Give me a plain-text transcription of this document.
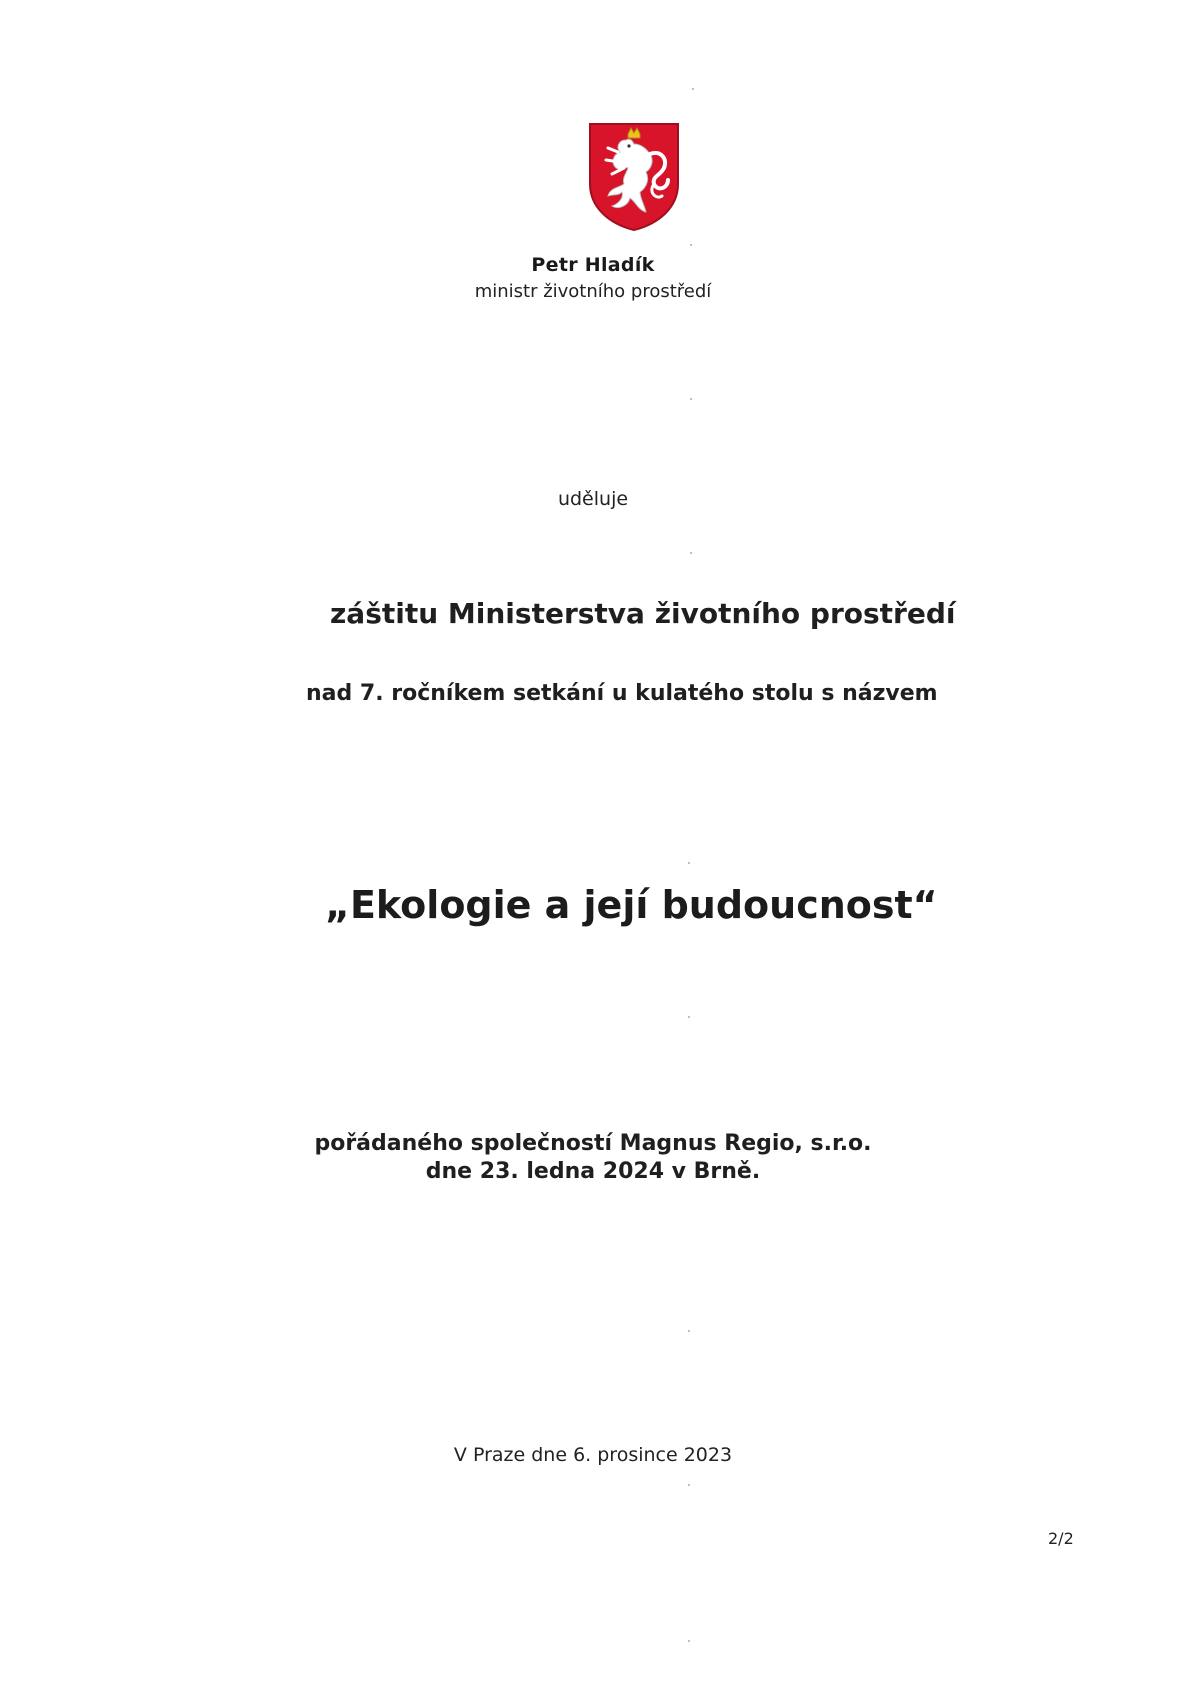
Petr Hladík
ministr životního prostředí
uděluje
záštitu Ministerstva životního prostředí
nad 7. ročníkem setkání u kulatého stolu s názvem
„Ekologie a její budoucnost“
pořádaného společností Magnus Regio, s.r.o.
dne 23. ledna 2024 v Brně.
V Praze dne 6. prosince 2023
2/2
